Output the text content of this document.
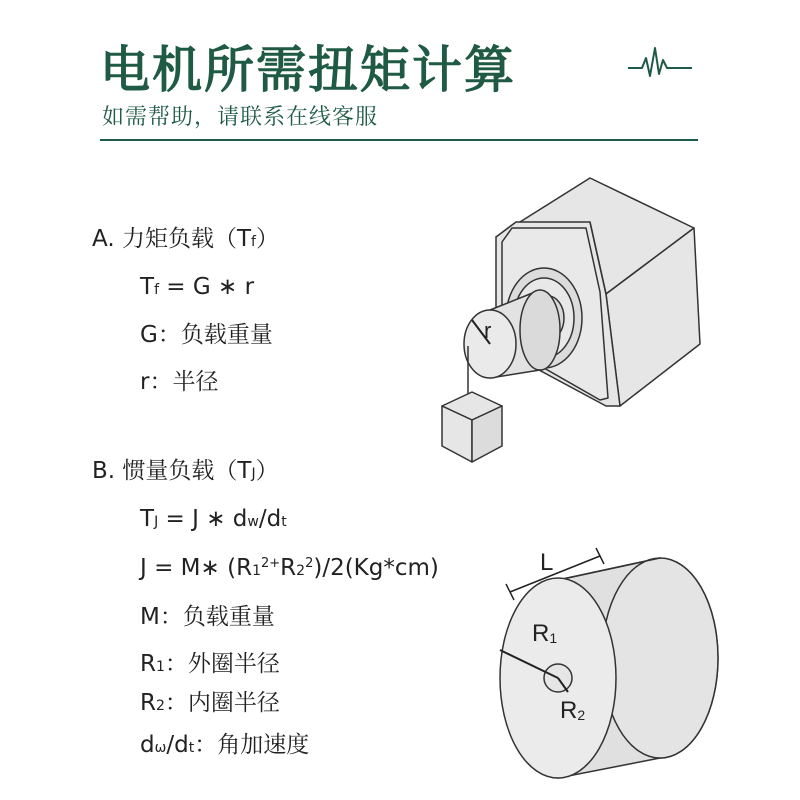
电机所需扭矩计算
如需帮助，请联系在线客服
A. 力矩负载（Tf）
Tf = G ∗ r
G：负载重量
r：半径
B. 惯量负载（TJ）
TJ = J ∗ dw/dt
J = M∗ $(R1^{2+}R2^2)/2(Kg*cm)$
M：负载重量
R1：外圈半径
R2：内圈半径
dω/dt：角加速度
r
L
R1
R2
